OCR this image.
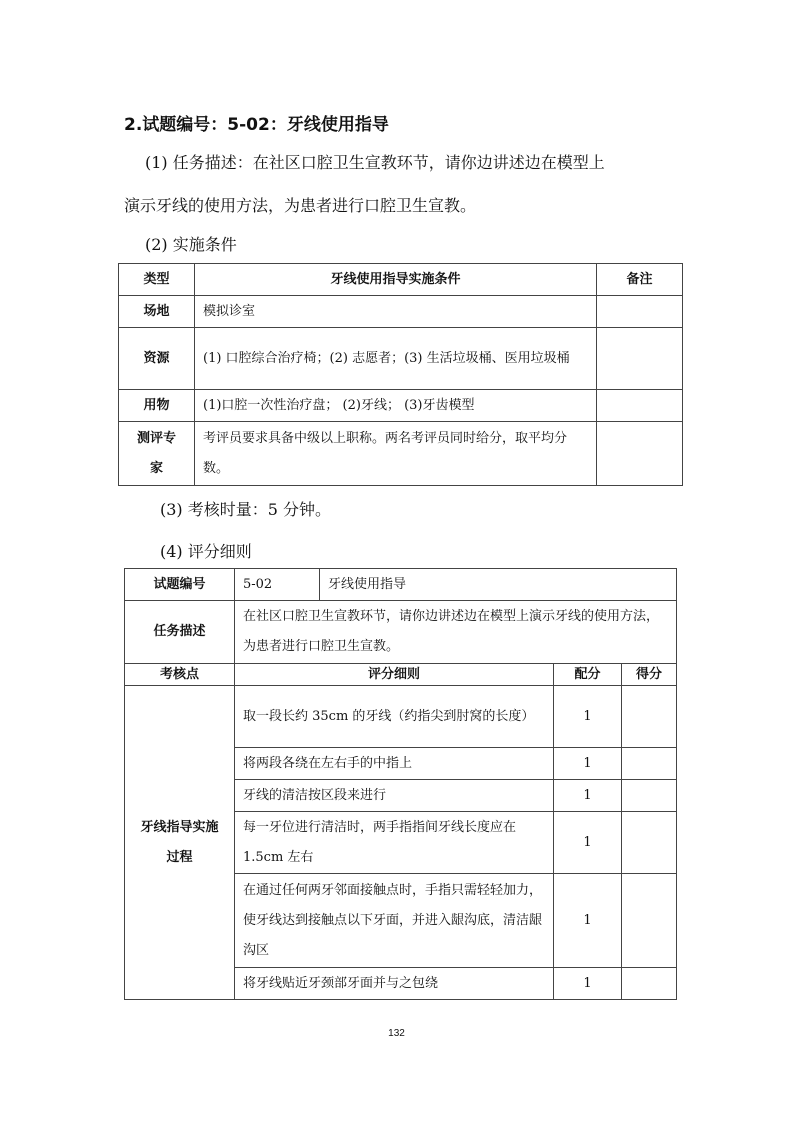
2.试题编号：5-02：牙线使用指导
(1) 任务描述：在社区口腔卫生宣教环节，请你边讲述边在模型上
演示牙线的使用方法，为患者进行口腔卫生宣教。
(2) 实施条件
类型	牙线使用指导实施条件	备注
场地	模拟诊室	
资源	(1) 口腔综合治疗椅；(2) 志愿者；(3) 生活垃圾桶、医用垃圾桶	
用物	(1)口腔一次性治疗盘； (2)牙线； (3)牙齿模型	
测评专家	考评员要求具备中级以上职称。两名考评员同时给分，取平均分数。	
(3) 考核时量：5 分钟。
(4) 评分细则
试题编号	5-02	牙线使用指导		
任务描述	在社区口腔卫生宣教环节，请你边讲述边在模型上演示牙线的使用方法，为患者进行口腔卫生宣教。			
考核点	评分细则		配分	得分
牙线指导实施过程	取一段长约 35cm 的牙线（约指尖到肘窝的长度）		1	
	将两段各绕在左右手的中指上		1	
	牙线的清洁按区段来进行		1	
	每一牙位进行清洁时，两手指指间牙线长度应在 1.5cm 左右		1	
	在通过任何两牙邻面接触点时，手指只需轻轻加力，使牙线达到接触点以下牙面，并进入龈沟底，清洁龈沟区		1	
	将牙线贴近牙颈部牙面并与之包绕		1	
132
